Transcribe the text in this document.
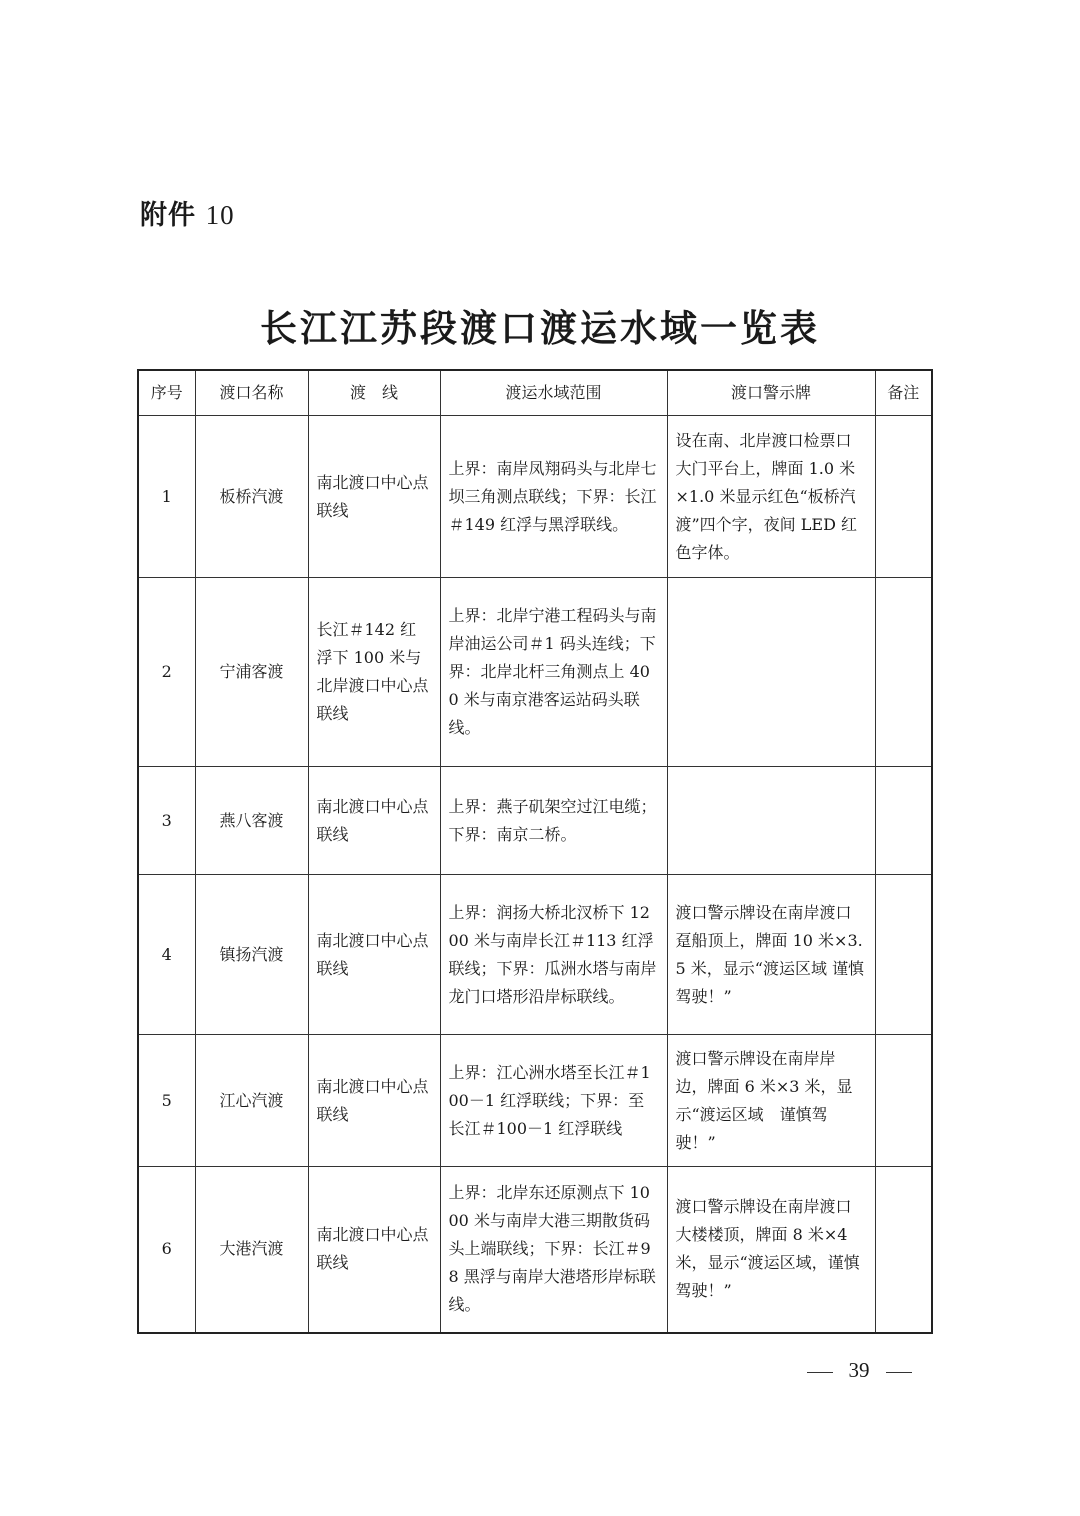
附件 10
长江江苏段渡口渡运水域一览表
序号	渡口名称	渡　线	渡运水域范围	渡口警示牌	备注
1	板桥汽渡	南北渡口中心点联线	上界：南岸凤翔码头与北岸七坝三角测点联线；下界：长江＃149 红浮与黑浮联线。	设在南、北岸渡口检票口大门平台上，牌面 1.0 米×1.0 米显示红色“板桥汽渡”四个字，夜间 LED 红色字体。	
2	宁浦客渡	长江＃142 红浮下 100 米与北岸渡口中心点联线	上界：北岸宁港工程码头与南岸油运公司＃1 码头连线；下界：北岸北杆三角测点上 400 米与南京港客运站码头联线。		
3	燕八客渡	南北渡口中心点联线	上界：燕子矶架空过江电缆；下界：南京二桥。		
4	镇扬汽渡	南北渡口中心点联线	上界：润扬大桥北汊桥下 1200 米与南岸长江＃113 红浮联线；下界：瓜洲水塔与南岸龙门口塔形沿岸标联线。	渡口警示牌设在南岸渡口趸船顶上，牌面 10 米×3.5 米，显示“渡运区域 谨慎驾驶！”	
5	江心汽渡	南北渡口中心点联线	上界：江心洲水塔至长江＃100－1 红浮联线；下界：至长江＃100－1 红浮联线	渡口警示牌设在南岸岸边，牌面 6 米×3 米，显示“渡运区域　谨慎驾驶！”	
6	大港汽渡	南北渡口中心点联线	上界：北岸东还原测点下 1000 米与南岸大港三期散货码头上端联线；下界：长江＃98 黑浮与南岸大港塔形岸标联线。	渡口警示牌设在南岸渡口大楼楼顶，牌面 8 米×4 米，显示“渡运区域，谨慎驾驶！”	
39
